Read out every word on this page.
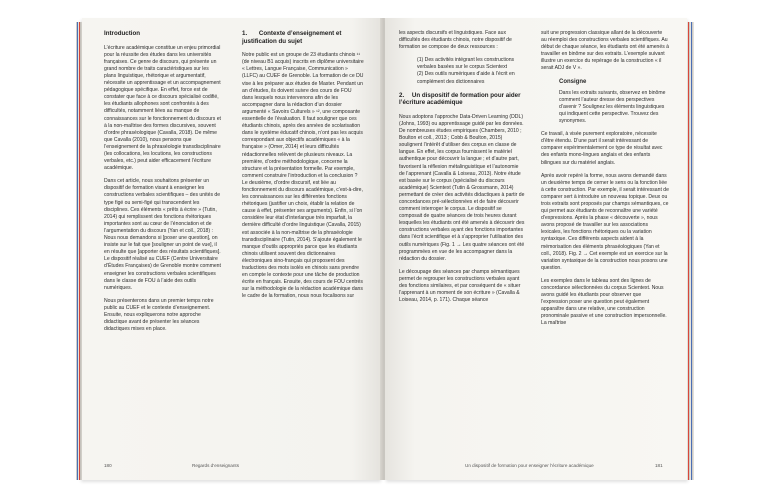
Introduction

L’écriture académique constitue un enjeu primordial pour la réussite des études dans les universités françaises. Ce genre de discours, qui présente un grand nombre de traits caractéristiques sur les plans linguistique, rhétorique et argumentatif, nécessite un apprentissage et un accompagnement pédagogique spécifique. En effet, force est de constater que face à ce discours spécialisé codifié, les étudiants allophones sont confrontés à des difficultés, notamment liées au manque de connaissances sur le fonctionnement du discours et à la non-maîtrise des formes discursives, souvent d’ordre phraséologique (Cavalla, 2018). De même que Cavalla (2010), nous pensons que l’enseignement de la phraséologie transdisciplinaire (les collocations, les locutions, les constructions verbales, etc.) peut aider efficacement l’écriture académique.

Dans cet article, nous souhaitons présenter un dispositif de formation visant à enseigner les constructions verbales scientifiques – des unités de type figé ou semi-figé qui transcendent les disciplines. Ces éléments « prêts à écrire » (Tutin, 2014) qui remplissent des fonctions rhétoriques importantes sont au cœur de l’énonciation et de l’argumentation du discours (Yan et coll., 2018) : Nous nous demandons si [poser une question], on insiste sur le fait que [souligner un point de vue], il en résulte que [apporter des résultats scientifiques]. Le dispositif réalisé au CUEF (Centre Universitaire d’Études Françaises) de Grenoble montre comment enseigner les constructions verbales scientifiques dans le classe de FOU à l’aide des outils numériques.

Nous présenterons dans un premier temps notre public au CUEF et le contexte d’enseignement. Ensuite, nous expliquerons notre approche didactique avant de présenter les séances didactiques mises en place.

1. Contexte d’enseignement et justification du sujet

Notre public est un groupe de 23 étudiants chinois ¹¹ (de niveau B1 acquis) inscrits en diplôme universitaire « Lettres, Langue Française, Communication » (LLFC) au CUEF de Grenoble. La formation de ce DU vise à les préparer aux études de Master. Pendant un an d’études, ils doivent suivre des cours de FOU dans lesquels nous intervenons afin de les accompagner dans la rédaction d’un dossier argumenté « Savoirs Culturels » ¹², une composante essentielle de l’évaluation. Il faut souligner que ces étudiants chinois, après des années de scolarisation dans le système éducatif chinois, n’ont pas les acquis correspondant aux objectifs académiques « à la française » (Omer, 2014) et leurs difficultés rédactionnelles relèvent de plusieurs niveaux. La première, d’ordre méthodologique, concerne la structure et la présentation formelle. Par exemple, comment construire l’introduction et la conclusion ? Le deuxième, d’ordre discursif, est liée au fonctionnement du discours académique, c’est-à-dire, les connaissances sur les différentes fonctions rhétoriques (justifier un choix, établir la relation de cause à effet, présenter ses arguments). Enfin, si l’on considère leur état d’interlangue très imparfait, la dernière difficulté d’ordre linguistique (Cavalla, 2015) est associée à la non-maîtrise de la phraséologie transdisciplinaire (Tutin, 2014). S’ajoute également le manque d’outils appropriés parce que les étudiants chinois utilisent souvent des dictionnaires électroniques sino-français qui proposent des traductions des mots isolés en chinois sans prendre en compte le contexte pour une tâche de production écrite en français. Ensuite, des cours de FOU centrés sur la méthodologie de la rédaction académique dans le cadre de la formation, nous nous focalisons sur

180	Regards d’enseignants

les aspects discursifs et linguistiques. Face aux difficultés des étudiants chinois, notre dispositif de formation se compose de deux ressources :

(1) Des activités intégrant les constructions verbales basées sur le corpus Scientext
(2) Des outils numériques d’aide à l’écrit en complément des dictionnaires
2. Un dispositif de formation pour aider l’écriture académique

Nous adoptons l’approche Data-Driven Learning (DDL) (Johns, 1993) ou apprentissage guidé par les données. De nombreuses études empiriques (Chambers, 2010 ; Boulton et coll., 2013 ; Cobb & Boulton, 2015) soulignent l’intérêt d’utiliser des corpus en classe de langue. En effet, les corpus fournissent le matériel authentique pour découvrir la langue ; et d’autre part, favorisent la réflexion métalinguistique et l’autonomie de l’apprenant (Cavalla & Loiseau, 2013). Notre étude est basée sur le corpus (spécialisé du discours académique) Scientext (Tutin & Grossmann, 2014) permettant de créer des activités didactiques à partir de concordances pré-sélectionnées et de faire découvrir comment interroger le corpus. Le dispositif se composait de quatre séances de trois heures durant lesquelles les étudiants ont été amenés à découvrir des constructions verbales ayant des fonctions importantes dans l’écrit scientifique et à s’approprier l’utilisation des outils numériques (Fig. 1 → Les quatre séances ont été programmées en vue de les accompagner dans la rédaction du dossier.

Le découpage des séances par champs sémantiques permet de regrouper les constructions verbales ayant des fonctions similaires, et par conséquent de « situer l’apprenant à un moment de son écriture » (Cavalla & Loiseau, 2014, p. 171). Chaque séance

suit une progression classique allant de la découverte au réemploi des constructions verbales scientifiques. Au début de chaque séance, les étudiants ont été amenés à travailler en binôme sur des extraits. L’exemple suivant illustre un exercice du repérage de la construction « il serait ADJ de V ».

Consigne

Dans les extraits suivants, observez en binôme comment l’auteur dresse des perspectives d’avenir ? Soulignez les éléments linguistiques qui indiquent cette perspective. Trouvez des synonymes.

Ce travail, à visée purement exploratoire, nécessite d’être étendu. D’une part il serait intéressant de comparer expérimentalement ce type de résultat avec des enfants mono-lingues anglais et des enfants bilingues sur du matériel anglais.

Après avoir repéré la forme, nous avons demandé dans un deuxième temps de cerner le sens ou la fonction liée à cette construction. Par exemple, il serait intéressant de comparer sert à introduire un nouveau topique. Deux ou trois extraits sont proposés par champs sémantiques, ce qui permet aux étudiants de reconnaître une variété d’expressions. Après la phase « découverte », nous avons proposé de travailler sur les associations lexicales, les fonctions rhétoriques ou la variation syntaxique. Ces différents aspects aident à la mémorisation des éléments phraséologiques (Yan et coll., 2018). Fig. 2 → Cet exemple est un exercice sur la variation syntaxique de la construction nous posons une question.

Les exemples dans le tableau sont des lignes de concordance sélectionnées du corpus Scientext. Nous avons guidé les étudiants pour observer que l’expression poser une question peut également apparaître dans une relative, une construction pronominale passive et une construction impersonnelle. La maîtrise

Un dispositif de formation pour enseigner l’écriture académique	181
